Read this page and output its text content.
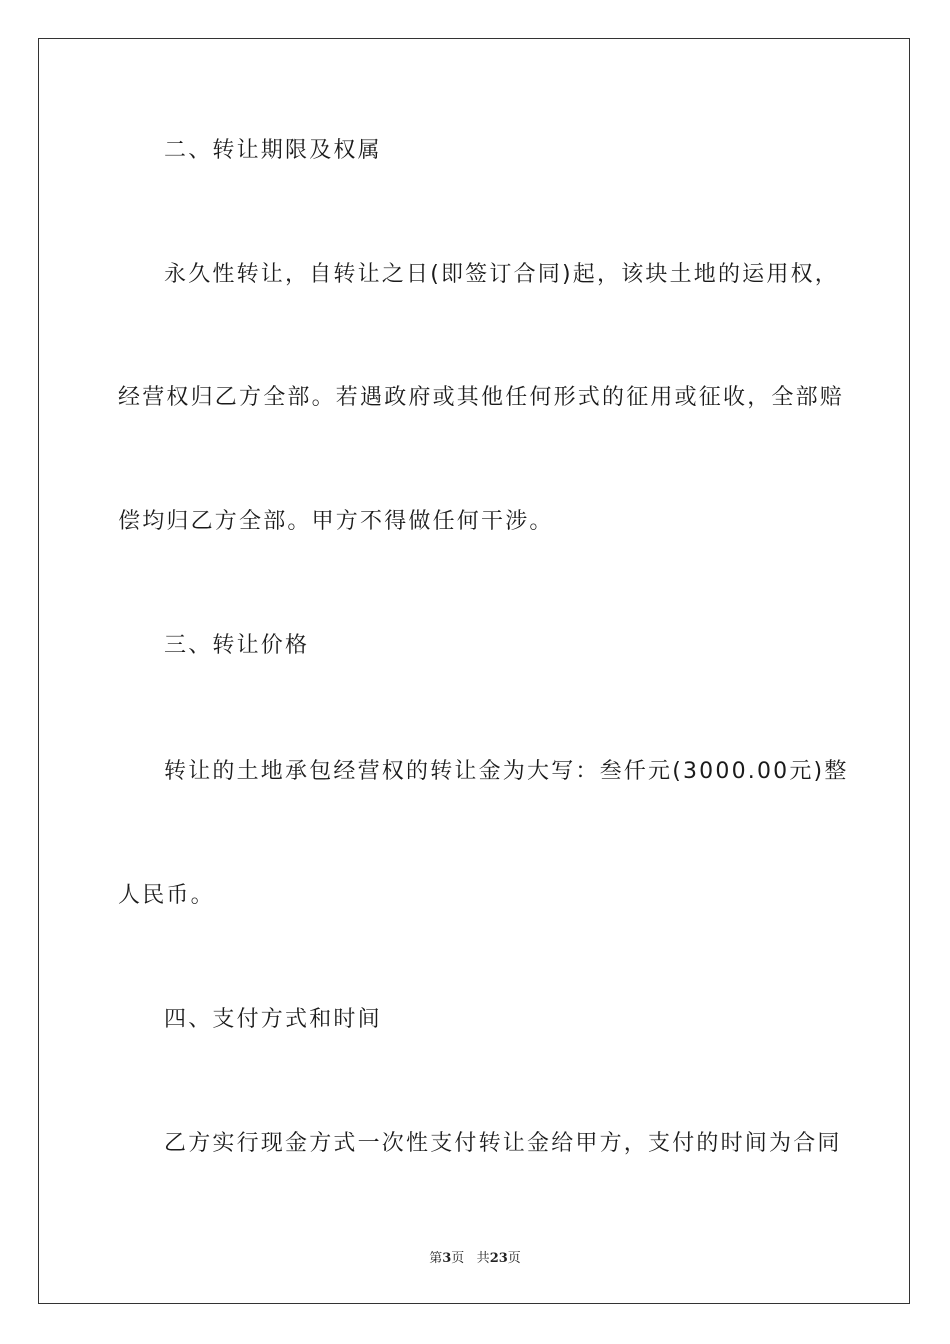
二、转让期限及权属
永久性转让，自转让之日(即签订合同)起，该块土地的运用权，
经营权归乙方全部。若遇政府或其他任何形式的征用或征收，全部赔
偿均归乙方全部。甲方不得做任何干涉。
三、转让价格
转让的土地承包经营权的转让金为大写：叁仟元(3000.00元)整
人民币。
四、支付方式和时间
乙方实行现金方式一次性支付转让金给甲方，支付的时间为合同
第3页 共23页
